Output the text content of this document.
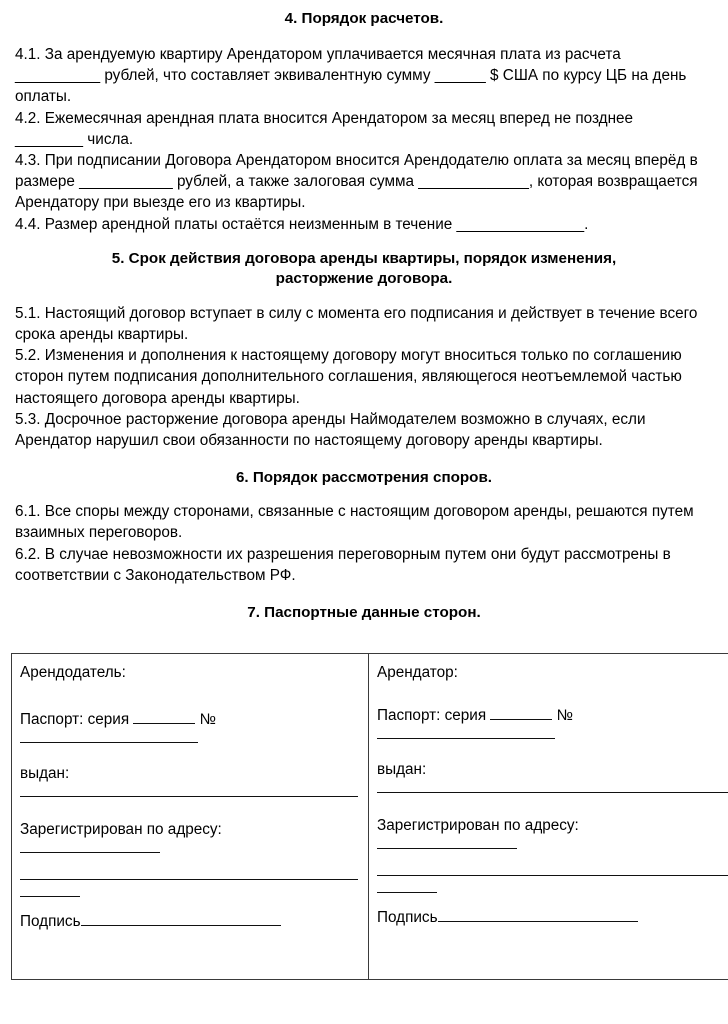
4. Порядок расчетов.

4.1. За арендуемую квартиру Арендатором уплачивается месячная плата из расчета __________ рублей, что составляет эквивалентную сумму ______ $ США по курсу ЦБ на день оплаты.

4.2. Ежемесячная арендная плата вносится Арендатором за месяц вперед не позднее ________ числа.

4.3. При подписании Договора Арендатором вносится Арендодателю оплата за месяц вперёд в размере ___________ рублей, а также залоговая сумма _____________, которая возвращается Арендатору при выезде его из квартиры.

4.4. Размер арендной платы остаётся неизменным в течение _______________.

5. Срок действия договора аренды квартиры, порядок изменения,
расторжение договора.

5.1. Настоящий договор вступает в силу с момента его подписания и действует в течение всего срока аренды квартиры.

5.2. Изменения и дополнения к настоящему договору могут вноситься только по соглашению сторон путем подписания дополнительного соглашения, являющегося неотъемлемой частью настоящего договора аренды квартиры.

5.3. Досрочное расторжение договора аренды Наймодателем возможно в случаях, если Арендатор нарушил свои обязанности по настоящему договору аренды квартиры.

6. Порядок рассмотрения споров.

6.1. Все споры между сторонами, связанные с настоящим договором аренды, решаются путем взаимных переговоров.

6.2. В случае невозможности их разрешения переговорным путем они будут рассмотрены в соответствии с Законодательством РФ.

7. Паспортные данные сторон.
Арендодатель:
Паспорт: серия	№
выдан:
Зарегистрирован по адресу:
Подпись

Арендатор:
Паспорт: серия	№
выдан:
Зарегистрирован по адресу:
Подпись
